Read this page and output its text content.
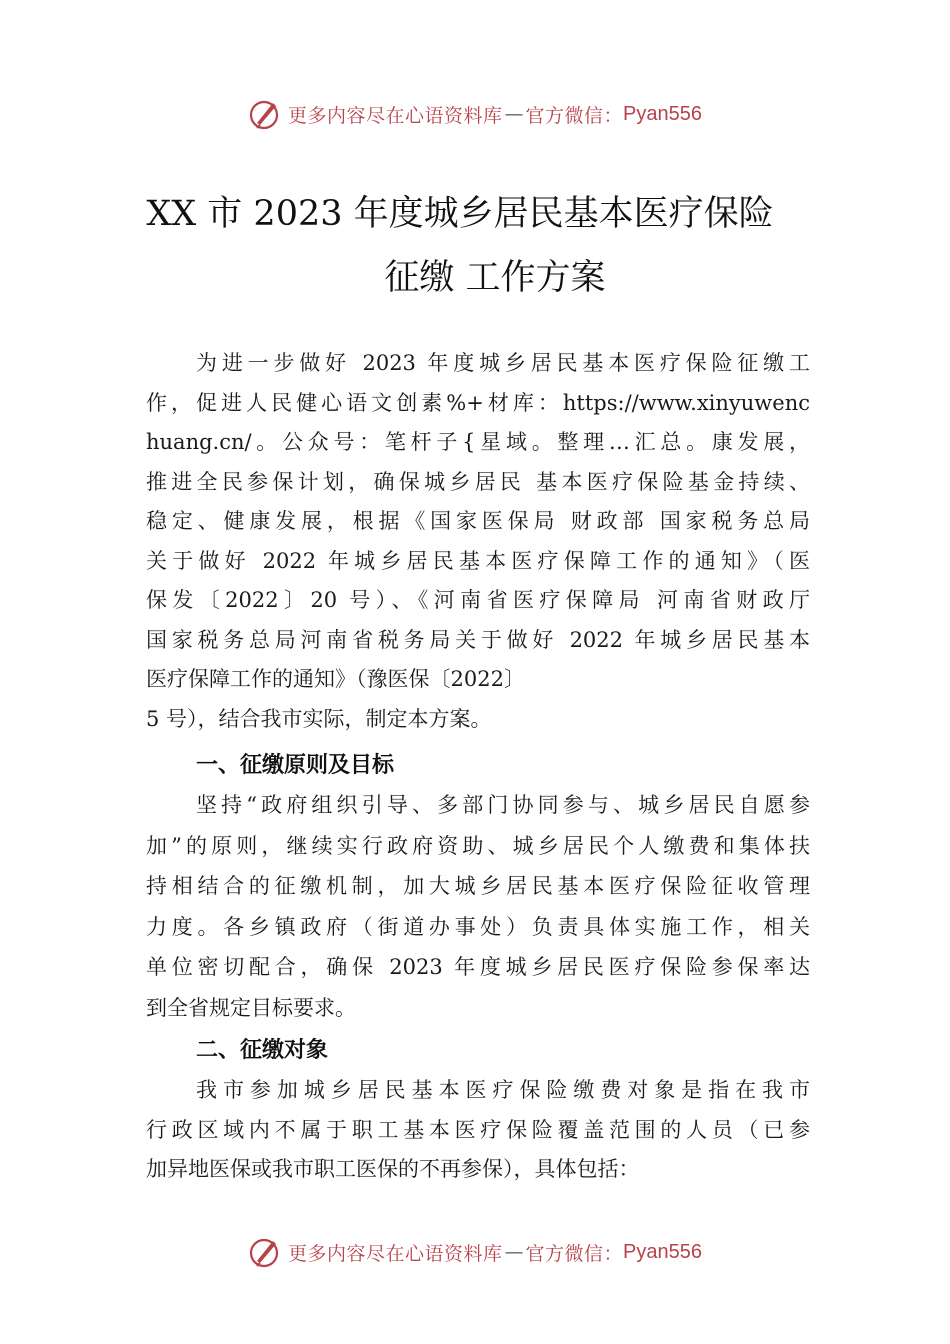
更多内容尽在心语资料库 — 官方微信： Pyan556
XX 市 2023 年度城乡居民基本医疗保险
征缴 工作方案
为进一步做好 2023 年度城乡居民基本医疗保险征缴工
作，促进人民健心语文创素%+材库：https://www.xinyuwenc
huang.cn/。公众号：笔杆子{星域。整理…汇总。康发展，
推进全民参保计划，确保城乡居民 基本医疗保险基金持续、
稳定、健康发展，根据《国家医保局 财政部 国家税务总局
关于做好 2022 年城乡居民基本医疗保障工作的通知》（医
保发〔2022〕20 号）、《河南省医疗保障局 河南省财政厅
国家税务总局河南省税务局关于做好 2022 年城乡居民基本
医疗保障工作的通知》（豫医保〔2022〕
5 号），结合我市实际，制定本方案。
一、征缴原则及目标
坚持“政府组织引导、多部门协同参与、城乡居民自愿参
加”的原则，继续实行政府资助、城乡居民个人缴费和集体扶
持相结合的征缴机制，加大城乡居民基本医疗保险征收管理
力度。各乡镇政府（街道办事处）负责具体实施工作，相关
单位密切配合，确保 2023 年度城乡居民医疗保险参保率达
到全省规定目标要求。
二、征缴对象
我市参加城乡居民基本医疗保险缴费对象是指在我市
行政区域内不属于职工基本医疗保险覆盖范围的人员（已参
加异地医保或我市职工医保的不再参保），具体包括：
更多内容尽在心语资料库 — 官方微信： Pyan556
